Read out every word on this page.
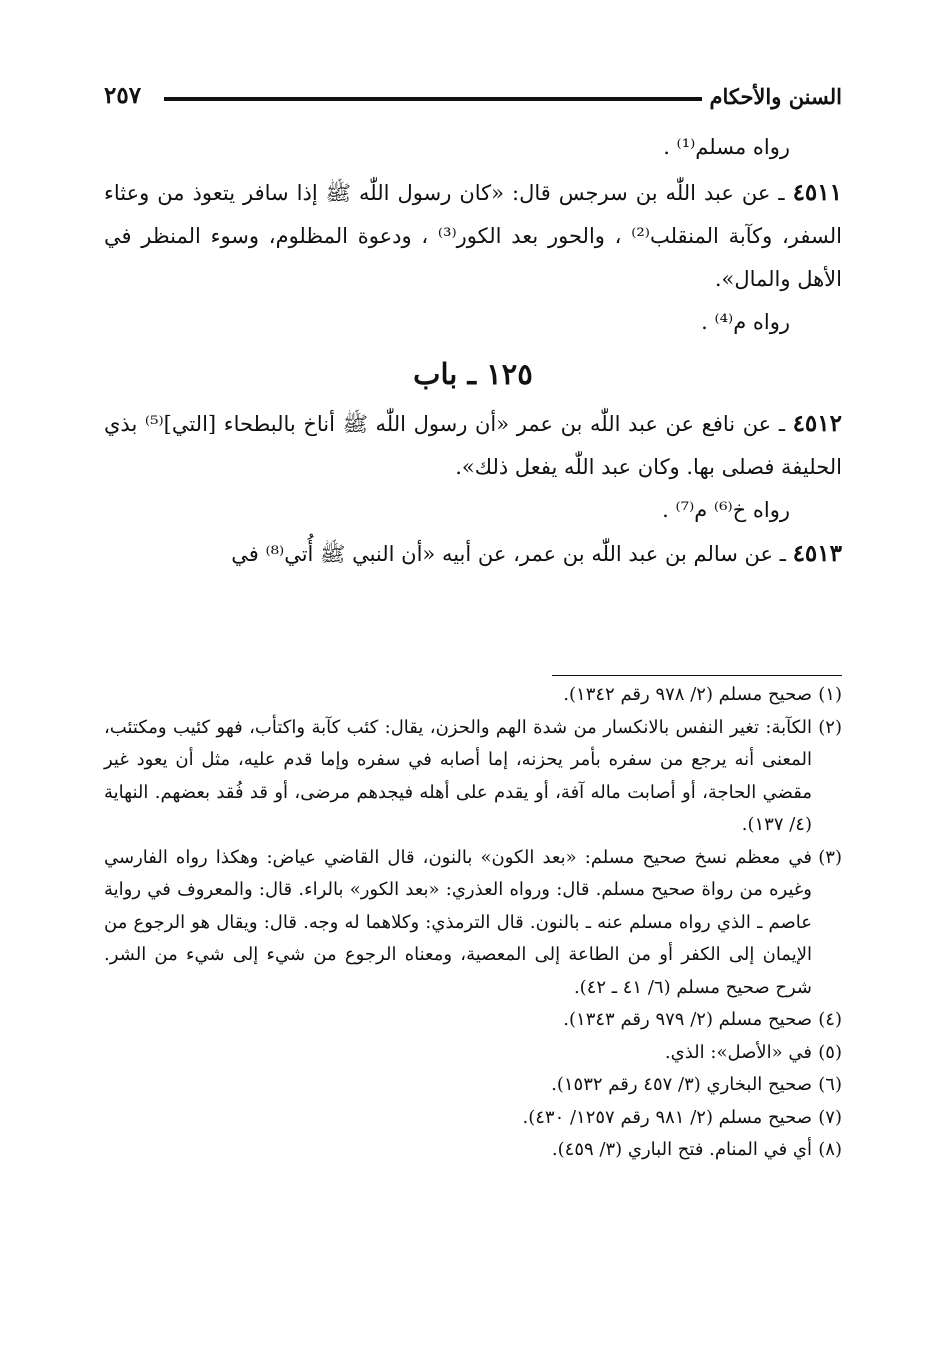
السنن والأحكام
٢٥٧

رواه مسلم⁽¹⁾ .

٤٥١١ ـ عن عبد اللّٰه بن سرجس قال: «كان رسول اللّٰه ﷺ إذا سافر يتعوذ من وعثاء السفر، وكآبة المنقلب⁽²⁾ ، والحور بعد الكور⁽³⁾ ، ودعوة المظلوم، وسوء المنظر في الأهل والمال».

رواه م⁽⁴⁾ .

١٢٥ ـ باب

٤٥١٢ ـ عن نافع عن عبد اللّٰه بن عمر «أن رسول اللّٰه ﷺ أناخ بالبطحاء [التي]⁽⁵⁾ بذي الحليفة فصلى بها. وكان عبد اللّٰه يفعل ذلك».

رواه خ⁽⁶⁾ م⁽⁷⁾ .

٤٥١٣ ـ عن سالم بن عبد اللّٰه بن عمر، عن أبيه «أن النبي ﷺ أُتي⁽⁸⁾ في

(١)
صحيح مسلم (٢/ ٩٧٨ رقم ١٣٤٢).

(٢)
الكآبة: تغير النفس بالانكسار من شدة الهم والحزن، يقال: كئب كآبة واكتأب، فهو كئيب ومكتئب، المعنى أنه يرجع من سفره بأمر يحزنه، إما أصابه في سفره وإما قدم عليه، مثل أن يعود غير مقضي الحاجة، أو أصابت ماله آفة، أو يقدم على أهله فيجدهم مرضى، أو قد فُقد بعضهم. النهاية (٤/ ١٣٧).

(٣)
في معظم نسخ صحيح مسلم: «بعد الكون» بالنون، قال القاضي عياض: وهكذا رواه الفارسي وغيره من رواة صحيح مسلم. قال: ورواه العذري: «بعد الكور» بالراء. قال: والمعروف في رواية عاصم ـ الذي رواه مسلم عنه ـ بالنون. قال الترمذي: وكلاهما له وجه. قال: ويقال هو الرجوع من الإيمان إلى الكفر أو من الطاعة إلى المعصية، ومعناه الرجوع من شيء إلى شيء من الشر. شرح صحيح مسلم (٦/ ٤١ ـ ٤٢).

(٤)
صحيح مسلم (٢/ ٩٧٩ رقم ١٣٤٣).

(٥)
في «الأصل»: الذي.

(٦)
صحيح البخاري (٣/ ٤٥٧ رقم ١٥٣٢).

(٧)
صحيح مسلم (٢/ ٩٨١ رقم ١٢٥٧/ ٤٣٠).

(٨)
أي في المنام. فتح الباري (٣/ ٤٥٩).
